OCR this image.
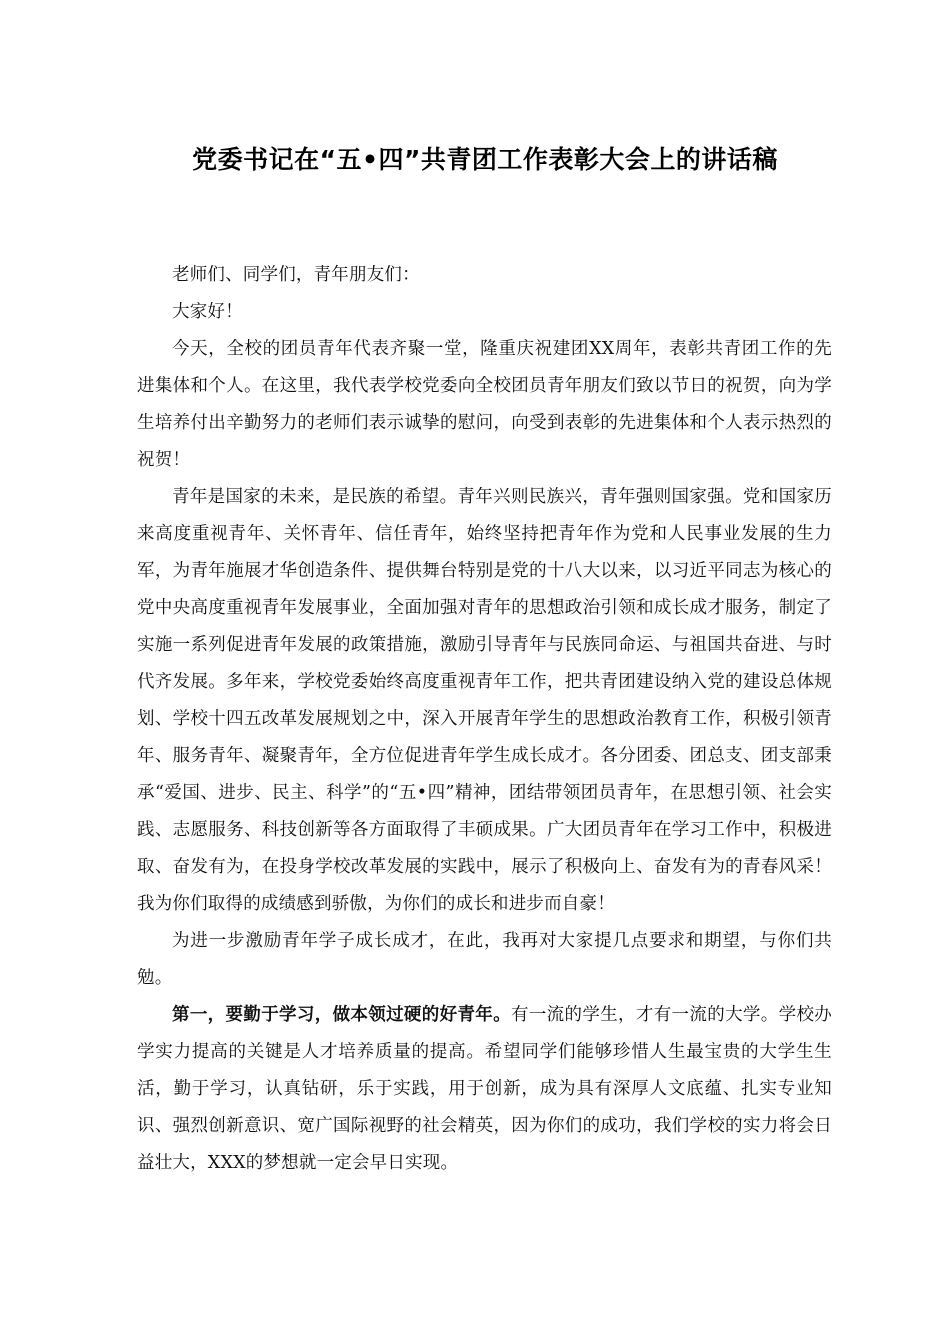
党委书记在“五•四”共青团工作表彰大会上的讲话稿

老师们、同学们，青年朋友们：

大家好！

今天，全校的团员青年代表齐聚一堂，隆重庆祝建团XX周年，表彰共青团工作的先进集体和个人。在这里，我代表学校党委向全校团员青年朋友们致以节日的祝贺，向为学生培养付出辛勤努力的老师们表示诚挚的慰问，向受到表彰的先进集体和个人表示热烈的祝贺！

青年是国家的未来，是民族的希望。青年兴则民族兴，青年强则国家强。党和国家历来高度重视青年、关怀青年、信任青年，始终坚持把青年作为党和人民事业发展的生力军，为青年施展才华创造条件、提供舞台特别是党的十八大以来，以习近平同志为核心的党中央高度重视青年发展事业，全面加强对青年的思想政治引领和成长成才服务，制定了实施一系列促进青年发展的政策措施，激励引导青年与民族同命运、与祖国共奋进、与时代齐发展。多年来，学校党委始终高度重视青年工作，把共青团建设纳入党的建设总体规划、学校十四五改革发展规划之中，深入开展青年学生的思想政治教育工作，积极引领青年、服务青年、凝聚青年，全方位促进青年学生成长成才。各分团委、团总支、团支部秉承“爱国、进步、民主、科学”的“五•四”精神，团结带领团员青年，在思想引领、社会实践、志愿服务、科技创新等各方面取得了丰硕成果。广大团员青年在学习工作中，积极进取、奋发有为，在投身学校改革发展的实践中，展示了积极向上、奋发有为的青春风采！我为你们取得的成绩感到骄傲，为你们的成长和进步而自豪！

为进一步激励青年学子成长成才，在此，我再对大家提几点要求和期望，与你们共勉。

第一，要勤于学习，做本领过硬的好青年。有一流的学生，才有一流的大学。学校办学实力提高的关键是人才培养质量的提高。希望同学们能够珍惜人生最宝贵的大学生生活，勤于学习，认真钻研，乐于实践，用于创新，成为具有深厚人文底蕴、扎实专业知识、强烈创新意识、宽广国际视野的社会精英，因为你们的成功，我们学校的实力将会日益壮大，XXX的梦想就一定会早日实现。
